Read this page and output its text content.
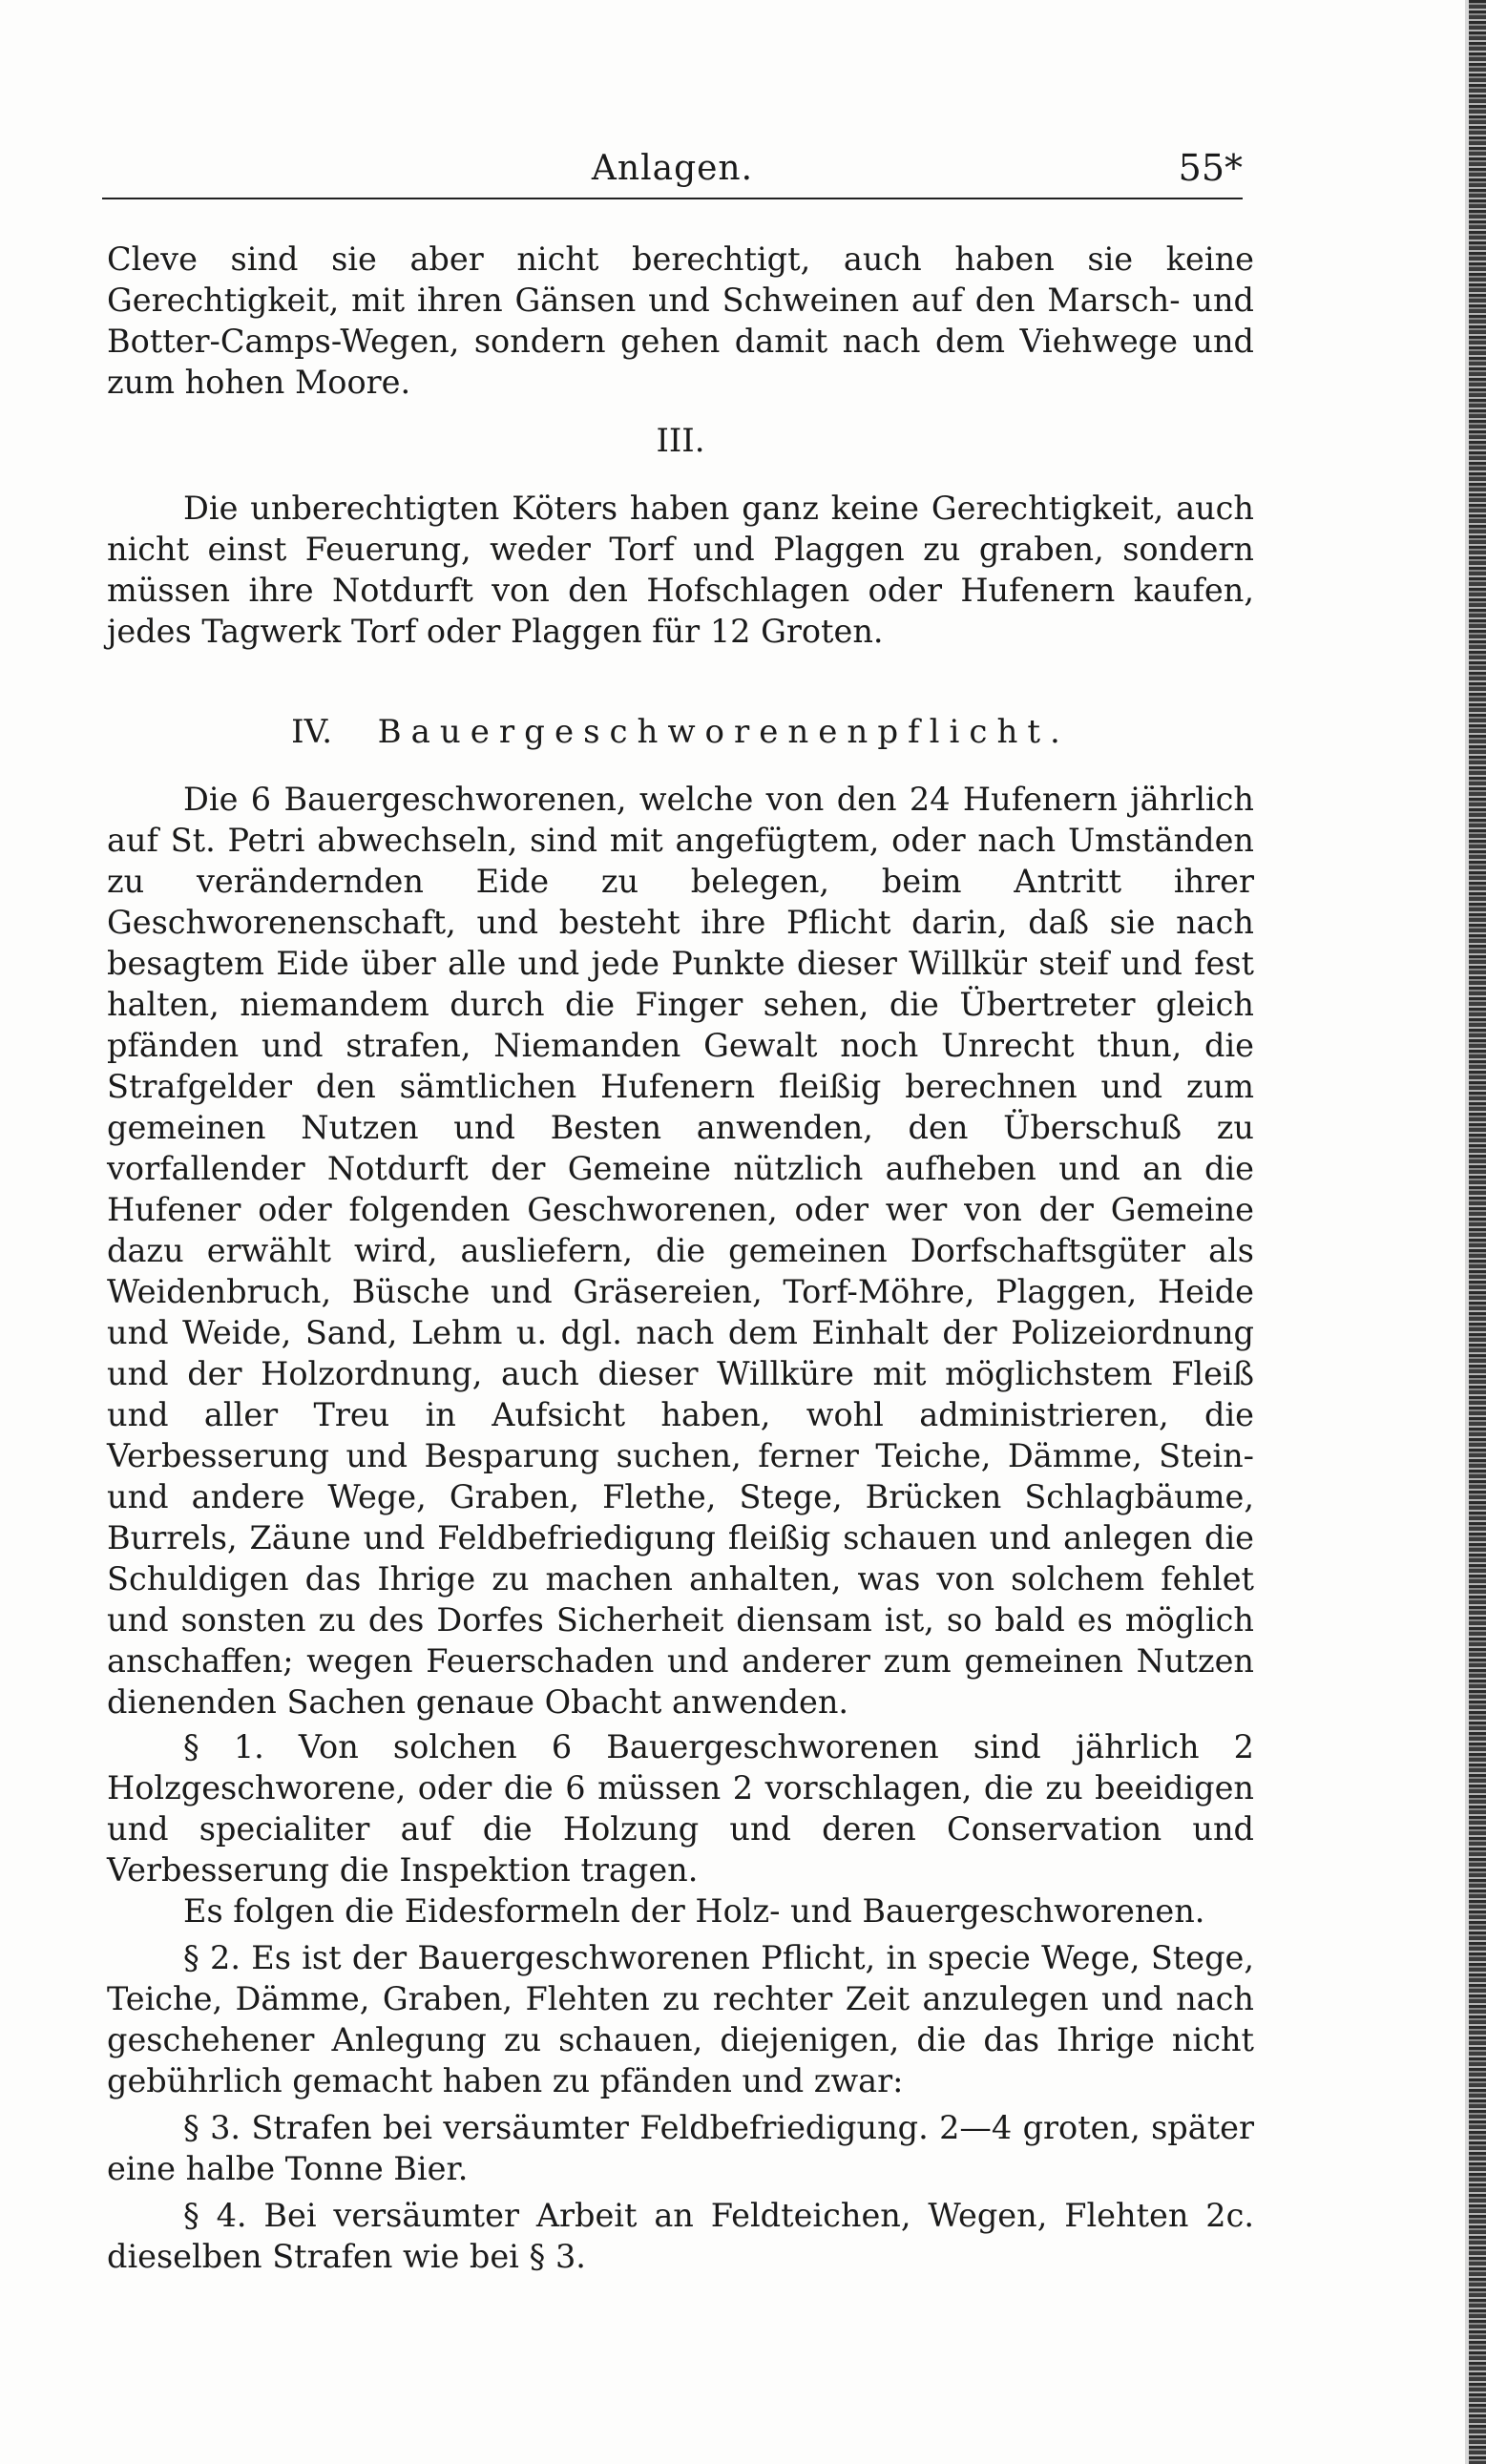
Anlagen.	55*

Cleve sind sie aber nicht berechtigt, auch haben sie keine Gerechtigkeit, mit ihren Gänsen und Schweinen auf den Marsch- und Botter-Camps-Wegen, sondern gehen damit nach dem Viehwege und zum hohen Moore.

III.

Die unberechtigten Köters haben ganz keine Gerechtigkeit, auch nicht einst Feuerung, weder Torf und Plaggen zu graben, sondern müssen ihre Notdurft von den Hofschlagen oder Hufenern kaufen, jedes Tagwerk Torf oder Plaggen für 12 Groten.

IV. Bauergeschworenenpflicht.

Die 6 Bauergeschworenen, welche von den 24 Hufenern jährlich auf St. Petri abwechseln, sind mit angefügtem, oder nach Umständen zu verändernden Eide zu belegen, beim Antritt ihrer Geschworenenschaft, und besteht ihre Pflicht darin, daß sie nach besagtem Eide über alle und jede Punkte dieser Willkür steif und fest halten, niemandem durch die Finger sehen, die Übertreter gleich pfänden und strafen, Niemanden Gewalt noch Unrecht thun, die Strafgelder den sämtlichen Hufenern fleißig berechnen und zum gemeinen Nutzen und Besten anwenden, den Überschuß zu vorfallender Notdurft der Gemeine nützlich aufheben und an die Hufener oder folgenden Geschworenen, oder wer von der Gemeine dazu erwählt wird, ausliefern, die gemeinen Dorfschaftsgüter als Weidenbruch, Büsche und Gräsereien, Torf-Möhre, Plaggen, Heide und Weide, Sand, Lehm u. dgl. nach dem Einhalt der Polizeiordnung und der Holzordnung, auch dieser Willküre mit möglichstem Fleiß und aller Treu in Aufsicht haben, wohl administrieren, die Verbesserung und Besparung suchen, ferner Teiche, Dämme, Stein- und andere Wege, Graben, Flethe, Stege, Brücken Schlagbäume, Burrels, Zäune und Feldbefriedigung fleißig schauen und anlegen die Schuldigen das Ihrige zu machen anhalten, was von solchem fehlet und sonsten zu des Dorfes Sicherheit diensam ist, so bald es möglich anschaffen; wegen Feuerschaden und anderer zum gemeinen Nutzen dienenden Sachen genaue Obacht anwenden.

§ 1. Von solchen 6 Bauergeschworenen sind jährlich 2 Holzgeschworene, oder die 6 müssen 2 vorschlagen, die zu beeidigen und specialiter auf die Holzung und deren Conservation und Verbesserung die Inspektion tragen.

Es folgen die Eidesformeln der Holz- und Bauergeschworenen.

§ 2. Es ist der Bauergeschworenen Pflicht, in specie Wege, Stege, Teiche, Dämme, Graben, Flehten zu rechter Zeit anzulegen und nach geschehener Anlegung zu schauen, diejenigen, die das Ihrige nicht gebührlich gemacht haben zu pfänden und zwar:

§ 3. Strafen bei versäumter Feldbefriedigung. 2—4 groten, später eine halbe Tonne Bier.

§ 4. Bei versäumter Arbeit an Feldteichen, Wegen, Flehten 2c. dieselben Strafen wie bei § 3.
